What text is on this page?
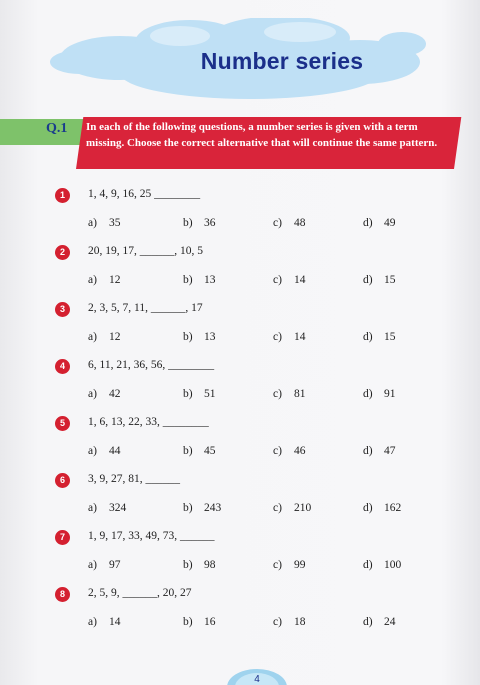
Number series
Q.1 In each of the following questions, a number series is given with a term missing. Choose the correct alternative that will continue the same pattern.
1	1, 4, 9, 16, 25 ________
a) 35	b) 36	c) 48	d) 49
2	20, 19, 17, ______, 10, 5
a) 12	b) 13	c) 14	d) 15
3	2, 3, 5, 7, 11, ______, 17
a) 12	b) 13	c) 14	d) 15
4	6, 11, 21, 36, 56, ________
a) 42	b) 51	c) 81	d) 91
5	1, 6, 13, 22, 33, ________
a) 44	b) 45	c) 46	d) 47
6	3, 9, 27, 81, ______
a) 324	b) 243	c) 210	d) 162
7	1, 9, 17, 33, 49, 73, ______
a) 97	b) 98	c) 99	d) 100
8	2, 5, 9, ______, 20, 27
a) 14	b) 16	c) 18	d) 24
4
